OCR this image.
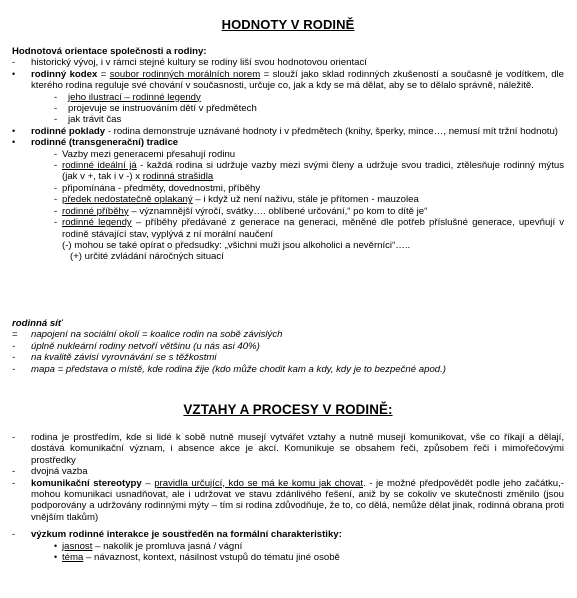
HODNOTY V RODINĚ
Hodnotová orientace společnosti a rodiny:
- historický vývoj, i v rámci stejné kultury se rodiny liší svou hodnotovou orientací
• rodinný kodex = soubor rodinných morálních norem = slouží jako sklad rodinných zkušeností a současně je vodítkem, dle kterého rodina reguluje své chování v současnosti, určuje co, jak a kdy se má dělat, aby se to dělalo správně, náležitě.
- jeho ilustrací – rodinné legendy
- projevuje se instruováním dětí v předmětech
- jak trávit čas
• rodinné poklady - rodina demonstruje uznávané hodnoty i v předmětech (knihy, šperky, mince…, nemusí mít tržní hodnotu)
• rodinné (transgenerační) tradice
- Vazby mezi generacemi přesahují rodinu
- rodinné ideální já - každá rodina si udržuje vazby mezi svými členy a udržuje svou tradici, ztělesňuje rodinný mýtus (jak v +, tak i v -) x rodinná strašidla
- připomínána - předměty, dovednostmi, příběhy
- předek nedostatečně oplakaný – i když už není naživu, stále je přítomen - mauzolea
- rodinné příběhy – významnější výročí, svátky…. oblíbené určování,“ po kom to dítě je“
- rodinné legendy – příběhy předávané z generace na generaci, měněné dle potřeb příslušné generace, upevňují v rodině stávající stav, vyplývá z ní morální naučení
(-) mohou se také opírat o předsudky: „všichni muži jsou alkoholici a nevěrníci“…..
(+) určité zvládání náročných situací
rodinná síť
= napojení na sociální okolí = koalice rodin na sobě závislých
- úplně nukleární rodiny netvoří většinu (u nás asi 40%)
- na kvalitě závisí vyrovnávání se s těžkostmi
- mapa = představa o místě, kde rodina žije (kdo může chodit kam a kdy, kdy je to bezpečné apod.)
VZTAHY A PROCESY V RODINĚ:
- rodina je prostředím, kde si lidé k sobě nutně musejí vytvářet vztahy a nutně musejí komunikovat, vše co říkají a dělají, dostává komunikační význam, i absence akce je akcí. Komunikuje se obsahem řeči, způsobem řeči i mimořečovými prostředky
- dvojná vazba
- komunikační stereotypy – pravidla určující, kdo se má ke komu jak chovat. - je možné předpovědět podle jeho začátku,- mohou komunikaci usnadňovat, ale i udržovat ve stavu zdánlivého řešení, aniž by se cokoliv ve skutečnosti změnilo (jsou podporovány a udržovány rodinnými mýty – tím si rodina zdůvodňuje, že to, co dělá, nemůže dělat jinak, rodinná obrana proti vnějším tlakům)
- výzkum rodinné interakce je soustředěn na formální charakteristiky:
• jasnost – nakolik je promluva jasná / vágní
• téma – návaznost, kontext, násilnost vstupů do tématu jiné osobě
